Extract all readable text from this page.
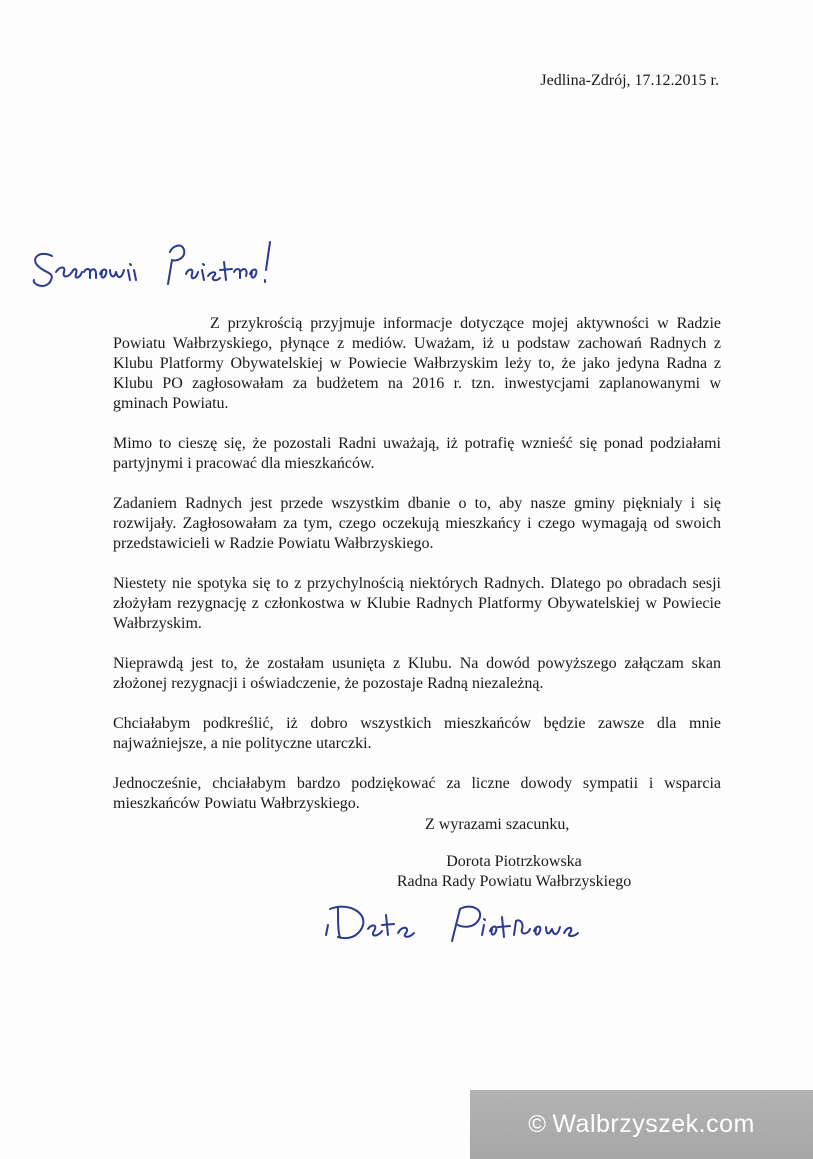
Jedlina-Zdrój, 17.12.2015 r.

Z przykrością przyjmuje informacje dotyczące mojej aktywności w Radzie Powiatu Wałbrzyskiego, płynące z mediów. Uważam, iż u podstaw zachowań Radnych z Klubu Platformy Obywatelskiej w Powiecie Wałbrzyskim leży to, że jako jedyna Radna z Klubu PO zagłosowałam za budżetem na 2016 r. tzn. inwestycjami zaplanowanymi w gminach Powiatu.

Mimo to cieszę się, że pozostali Radni uważają, iż potrafię wznieść się ponad podziałami partyjnymi i pracować dla mieszkańców.

Zadaniem Radnych jest przede wszystkim dbanie o to, aby nasze gminy pięknialy i się rozwijały. Zagłosowałam za tym, czego oczekują mieszkańcy i czego wymagają od swoich przedstawicieli w Radzie Powiatu Wałbrzyskiego.

Niestety nie spotyka się to z przychylnością niektórych Radnych. Dlatego po obradach sesji złożyłam rezygnację z członkostwa w Klubie Radnych Platformy Obywatelskiej w Powiecie Wałbrzyskim.

Nieprawdą jest to, że zostałam usunięta z Klubu. Na dowód powyższego załączam skan złożonej rezygnacji i oświadczenie, że pozostaje Radną niezależną.

Chciałabym podkreślić, iż dobro wszystkich mieszkańców będzie zawsze dla mnie najważniejsze, a nie polityczne utarczki.

Jednocześnie, chciałabym bardzo podziękować za liczne dowody sympatii i wsparcia mieszkańców Powiatu Wałbrzyskiego.

Z wyrazami szacunku,
Dorota Piotrzkowska
Radna Rady Powiatu Wałbrzyskiego
© Walbrzyszek.com
